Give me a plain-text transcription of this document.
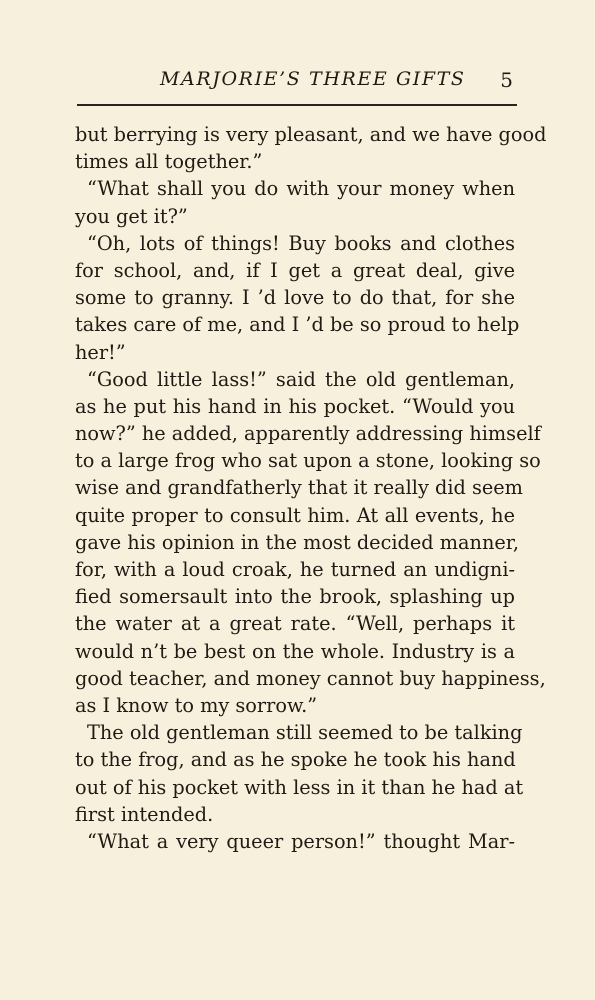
MARJORIE’S THREE GIFTS 5
but berrying is very pleasant, and we have good
times all together.”
“What shall you do with your money when
you get it?”
“Oh, lots of things! Buy books and clothes
for school, and, if I get a great deal, give
some to granny. I ’d love to do that, for she
takes care of me, and I ’d be so proud to help
her!”
“Good little lass!” said the old gentleman,
as he put his hand in his pocket. “Would you
now?” he added, apparently addressing himself
to a large frog who sat upon a stone, looking so
wise and grandfatherly that it really did seem
quite proper to consult him. At all events, he
gave his opinion in the most decided manner,
for, with a loud croak, he turned an undigni-
fied somersault into the brook, splashing up
the water at a great rate. “Well, perhaps it
would n’t be best on the whole. Industry is a
good teacher, and money cannot buy happiness,
as I know to my sorrow.”
The old gentleman still seemed to be talking
to the frog, and as he spoke he took his hand
out of his pocket with less in it than he had at
first intended.
“What a very queer person!” thought Mar-
